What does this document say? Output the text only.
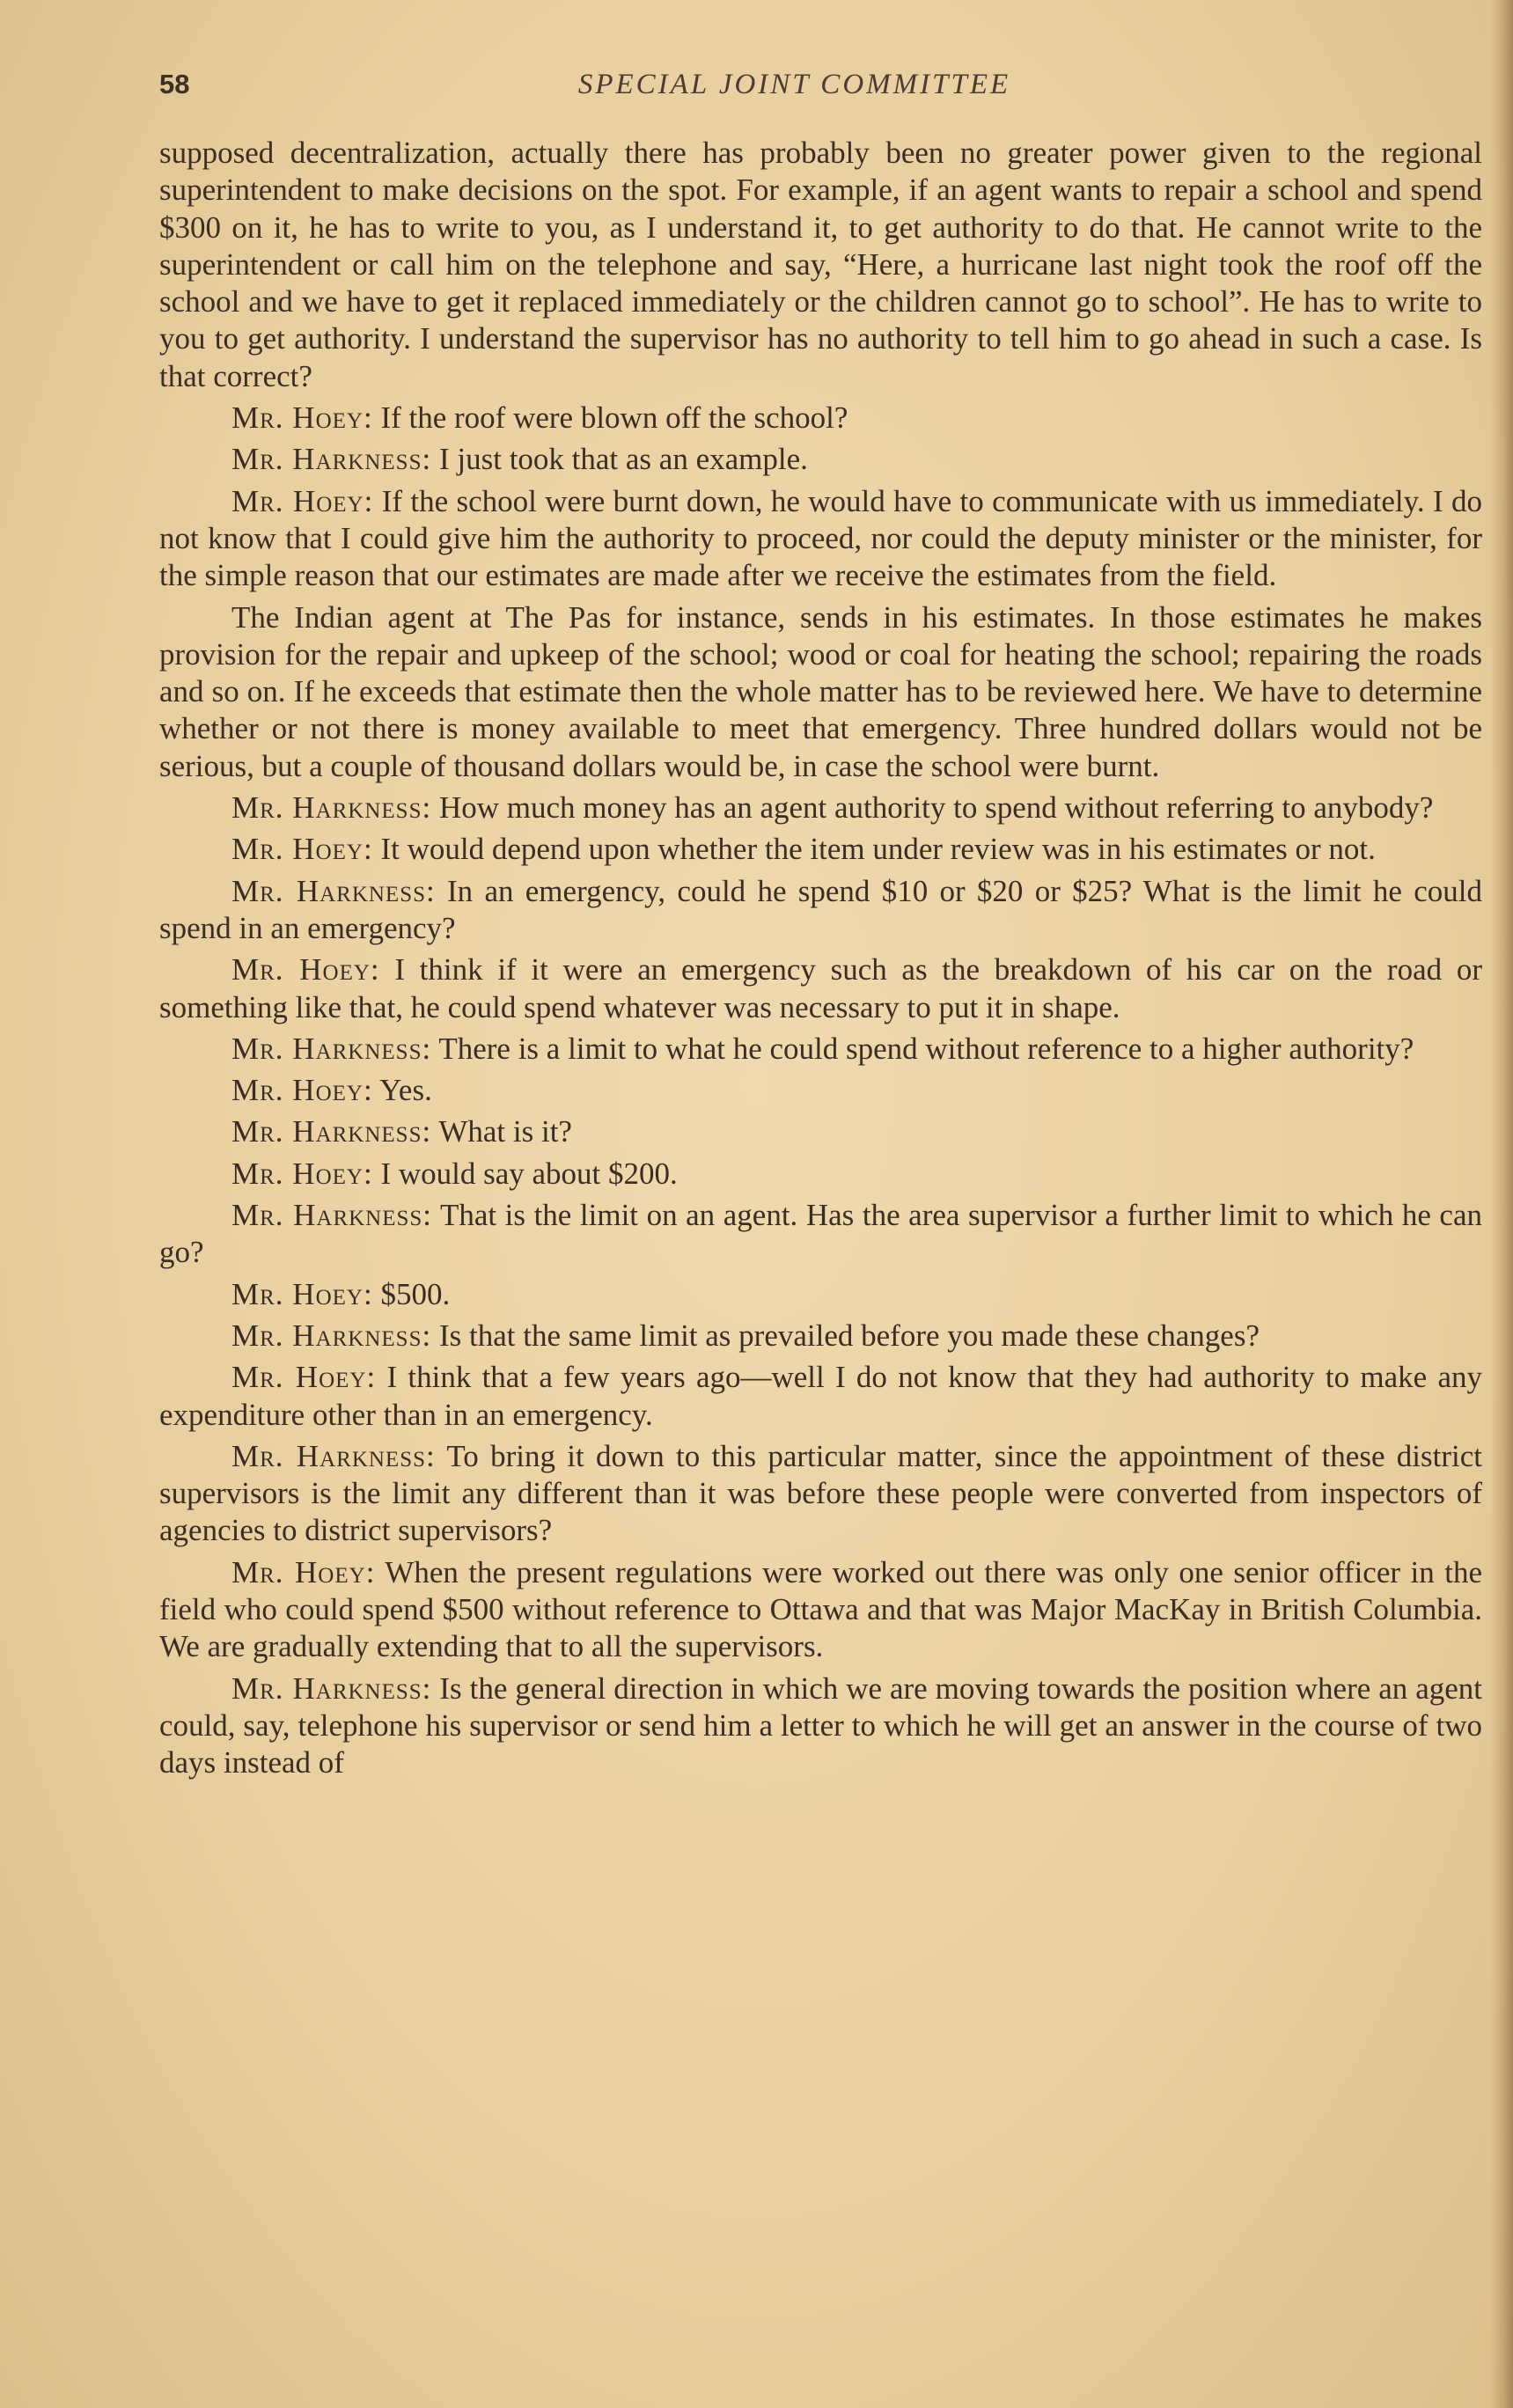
58	SPECIAL JOINT COMMITTEE

supposed decentralization, actually there has probably been no greater power given to the regional superintendent to make decisions on the spot. For example, if an agent wants to repair a school and spend $300 on it, he has to write to you, as I understand it, to get authority to do that. He cannot write to the superintendent or call him on the telephone and say, “Here, a hurricane last night took the roof off the school and we have to get it replaced immediately or the children cannot go to school”. He has to write to you to get authority. I understand the supervisor has no authority to tell him to go ahead in such a case. Is that correct?

Mr. Hoey: If the roof were blown off the school?

Mr. Harkness: I just took that as an example.

Mr. Hoey: If the school were burnt down, he would have to communicate with us immediately. I do not know that I could give him the authority to proceed, nor could the deputy minister or the minister, for the simple reason that our estimates are made after we receive the estimates from the field.

The Indian agent at The Pas for instance, sends in his estimates. In those estimates he makes provision for the repair and upkeep of the school; wood or coal for heating the school; repairing the roads and so on. If he exceeds that estimate then the whole matter has to be reviewed here. We have to determine whether or not there is money available to meet that emergency. Three hundred dollars would not be serious, but a couple of thousand dollars would be, in case the school were burnt.

Mr. Harkness: How much money has an agent authority to spend without referring to anybody?

Mr. Hoey: It would depend upon whether the item under review was in his estimates or not.

Mr. Harkness: In an emergency, could he spend $10 or $20 or $25? What is the limit he could spend in an emergency?

Mr. Hoey: I think if it were an emergency such as the breakdown of his car on the road or something like that, he could spend whatever was necessary to put it in shape.

Mr. Harkness: There is a limit to what he could spend without reference to a higher authority?

Mr. Hoey: Yes.

Mr. Harkness: What is it?

Mr. Hoey: I would say about $200.

Mr. Harkness: That is the limit on an agent. Has the area supervisor a further limit to which he can go?

Mr. Hoey: $500.

Mr. Harkness: Is that the same limit as prevailed before you made these changes?

Mr. Hoey: I think that a few years ago—well I do not know that they had authority to make any expenditure other than in an emergency.

Mr. Harkness: To bring it down to this particular matter, since the appointment of these district supervisors is the limit any different than it was before these people were converted from inspectors of agencies to district supervisors?

Mr. Hoey: When the present regulations were worked out there was only one senior officer in the field who could spend $500 without reference to Ottawa and that was Major MacKay in British Columbia. We are gradually extending that to all the supervisors.

Mr. Harkness: Is the general direction in which we are moving towards the position where an agent could, say, telephone his supervisor or send him a letter to which he will get an answer in the course of two days instead of
